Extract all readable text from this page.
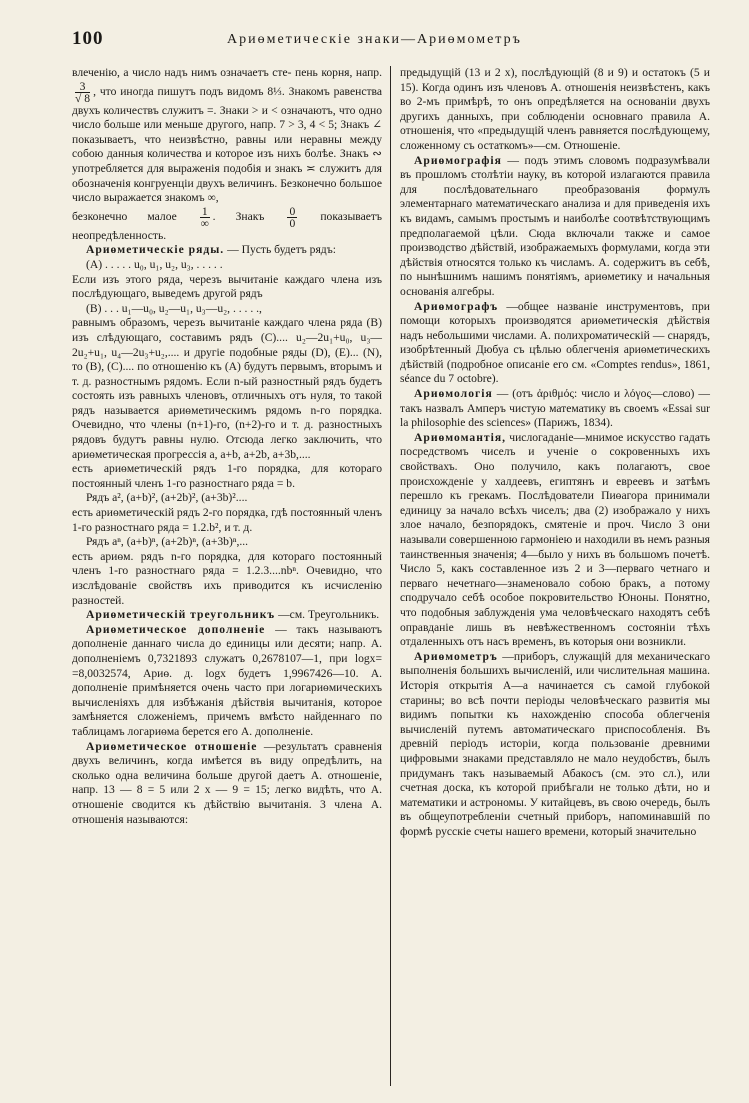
100	Ариөметическіе знаки—Ариөмометръ

влеченію, а число надъ нимъ означаетъ сте- пень корня, напр.
$\frac{3}{√ 8}$ , что иногда пишутъ подъ видомъ 8⅓. Знакомъ равенства двухъ количествъ служитъ =. Знаки > и < означаютъ, что одно число больше или меньше другого, напр. 7 > 3, 4 < 5; Знакъ ∠ показываетъ, что неизвѣстно, равны или неравны между собою данныя количества и которое изъ нихъ болѣе. Знакъ ∾ употребляется для выраженія подобія и знакъ ≍ служитъ для обозначенія конгруенціи двухъ величинъ. Безконечно большое число выражается знакомъ ∞,

безконечно малое $\frac{1}{\infty}$ . Знакъ $\frac{0}{0}$ показываетъ неопредѣленность.

Ариөметическіе ряды. — Пусть будетъ рядъ:

(А) . . . . . u₀, u₁, u₂, u₃, . . . . .

Если изъ этого ряда, черезъ вычитаніе каждаго члена изъ послѣдующаго, выведемъ другой рядъ

(В) . . . u₁—u₀, u₂—u₁, u₃—u₂, . . . . .,

равнымъ образомъ, черезъ вычитаніе каждаго члена ряда (В) изъ слѣдующаго, составимъ рядъ (С).... u₂—2u₁+u₀, u₃—2u₂+u₁, u₄—2u₃+u₂,.... и другіе подобные ряды (D), (Е)... (N), то (В), (С).... по отношенію къ (А) будутъ первымъ, вторымъ и т. д. разностнымъ рядомъ. Если n-ый разностный рядъ будетъ состоять изъ равныхъ членовъ, отличныхъ отъ нуля, то такой рядъ называется ариөметическимъ рядомъ n-го порядка. Очевидно, что члены (n+1)-го, (n+2)-го и т. д. разностныхъ рядовъ будутъ равны нулю. Отсюда легко заключить, что ариөметическая прогрессія a, a+b, a+2b, a+3b,....

есть ариөметическій рядъ 1-го порядка, для котораго постоянный членъ 1-го разностнаго ряда = b.

Рядъ a², (a+b)², (a+2b)², (a+3b)²....

есть ариөметическій рядъ 2-го порядка, гдѣ постоянный членъ 1-го разностнаго ряда = 1.2.b², и т. д.

Рядъ aⁿ, (a+b)ⁿ, (a+2b)ⁿ, (a+3b)ⁿ,...

есть ариөм. рядъ n-го порядка, для котораго постоянный членъ 1-го разностнаго ряда = 1.2.3....nbⁿ. Очевидно, что изслѣдованіе свойствъ ихъ приводится къ исчисленію разностей.

Ариөметическій треугольникъ —см. Треугольникъ.

Ариөметическое дополненіе — такъ называютъ дополненіе даннаго числа до единицы или десяти; напр. А. дополненіемъ 0,7321893 служатъ 0,2678107—1, при logx= =8,0032574, Ариө. д. logx будетъ 1,9967426—10. А. дополненіе примѣняется очень часто при логариөмическихъ вычисленіяхъ для избѣжанія дѣйствія вычитанія, которое замѣняется сложеніемъ, причемъ вмѣсто найденнаго по таблицамъ логариөма берется его А. дополненіе.

Ариөметическое отношеніе —результатъ сравненія двухъ величинъ, когда имѣется въ виду опредѣлить, на сколько одна величина больше другой даетъ А. отношеніе, напр. 13 — 8 = 5 или 2 x — 9 = 15; легко видѣть, что А. отношеніе сводится къ дѣйствію вычитанія. 3 члена А. отношенія называются:

предыдущій (13 и 2 x), послѣдующій (8 и 9) и остатокъ (5 и 15). Когда одинъ изъ членовъ А. отношенія неизвѣстенъ, какъ во 2-мъ примѣрѣ, то онъ опредѣляется на основаніи двухъ другихъ данныхъ, при соблюденіи основнаго правила А. отношенія, что «предыдущій членъ равняется послѣдующему, сложенному съ остаткомъ»—см. Отношеніе.

Ариөмографія — подъ этимъ словомъ подразумѣвали въ прошломъ столѣтіи науку, въ которой излагаются правила для послѣдовательнаго преобразованія формулъ элементарнаго математическаго анализа и для приведенія ихъ къ видамъ, самымъ простымъ и наиболѣе соотвѣтствующимъ предполагаемой цѣли. Сюда включали также и самое производство дѣйствій, изображаемыхъ формулами, когда эти дѣйствія относятся только къ числамъ. А. содержитъ въ себѣ, по нынѣшнимъ нашимъ понятіямъ, ариөметику и начальныя основанія алгебры.

Ариөмографъ —общее названіе инструментовъ, при помощи которыхъ производятся ариөметическія дѣйствія надъ небольшими числами. А. полихроматическій — снарядъ, изобрѣтенный Дюбуа съ цѣлью облегченія ариөметическихъ дѣйствій (подробное описаніе его см. «Comptes rendus», 1861, séance du 7 octobre).

Ариөмологія — (отъ ἀριθμός: число и λόγος—слово) —такъ назвалъ Амперъ чистую математику въ своемъ «Essai sur la philosophie des sciences» (Парижъ, 1834).

Ариөмомантія, числогаданіе—мнимое искусство гадать посредствомъ чиселъ и ученіе о сокровенныхъ ихъ свойствахъ. Оно получило, какъ полагаютъ, свое происхожденіе у халдеевъ, египтянъ и евреевъ и затѣмъ перешло къ грекамъ. Послѣдователи Пиөагора принимали единицу за начало всѣхъ чиселъ; два (2) изображало у нихъ злое начало, безпорядокъ, смятеніе и проч. Число 3 они называли совершенною гармоніею и находили въ немъ разныя таинственныя значенія; 4—было у нихъ въ большомъ почетѣ. Число 5, какъ составленное изъ 2 и 3—перваго четнаго и перваго нечетнаго—знаменовало собою бракъ, а потому сподручало себѣ особое покровительство Юноны. Понятно, что подобныя заблужденія ума человѣческаго находятъ себѣ оправданіе лишь въ невѣжественномъ состояніи тѣхъ отдаленныхъ отъ насъ временъ, въ которыя они возникли.

Ариөмометръ —приборъ, служащій для механическаго выполненія большихъ вычисленій, или числительная машина. Исторія открытія А—а начинается съ самой глубокой старины; во всѣ почти періоды человѣческаго развитія мы видимъ попытки къ нахожденію способа облегченія вычисленій путемъ автоматическаго приспособленія. Въ древній періодъ исторіи, когда пользованіе древними цифровыми знаками представляло не мало неудобствъ, былъ придуманъ такъ называемый Абакосъ (см. это сл.), или счетная доска, къ которой прибѣгали не только дѣти, но и математики и астрономы. У китайцевъ, въ свою очередь, былъ въ общеупотребленіи счетный приборъ, напоминавшій по формѣ русскіе счеты нашего времени, который значительно
